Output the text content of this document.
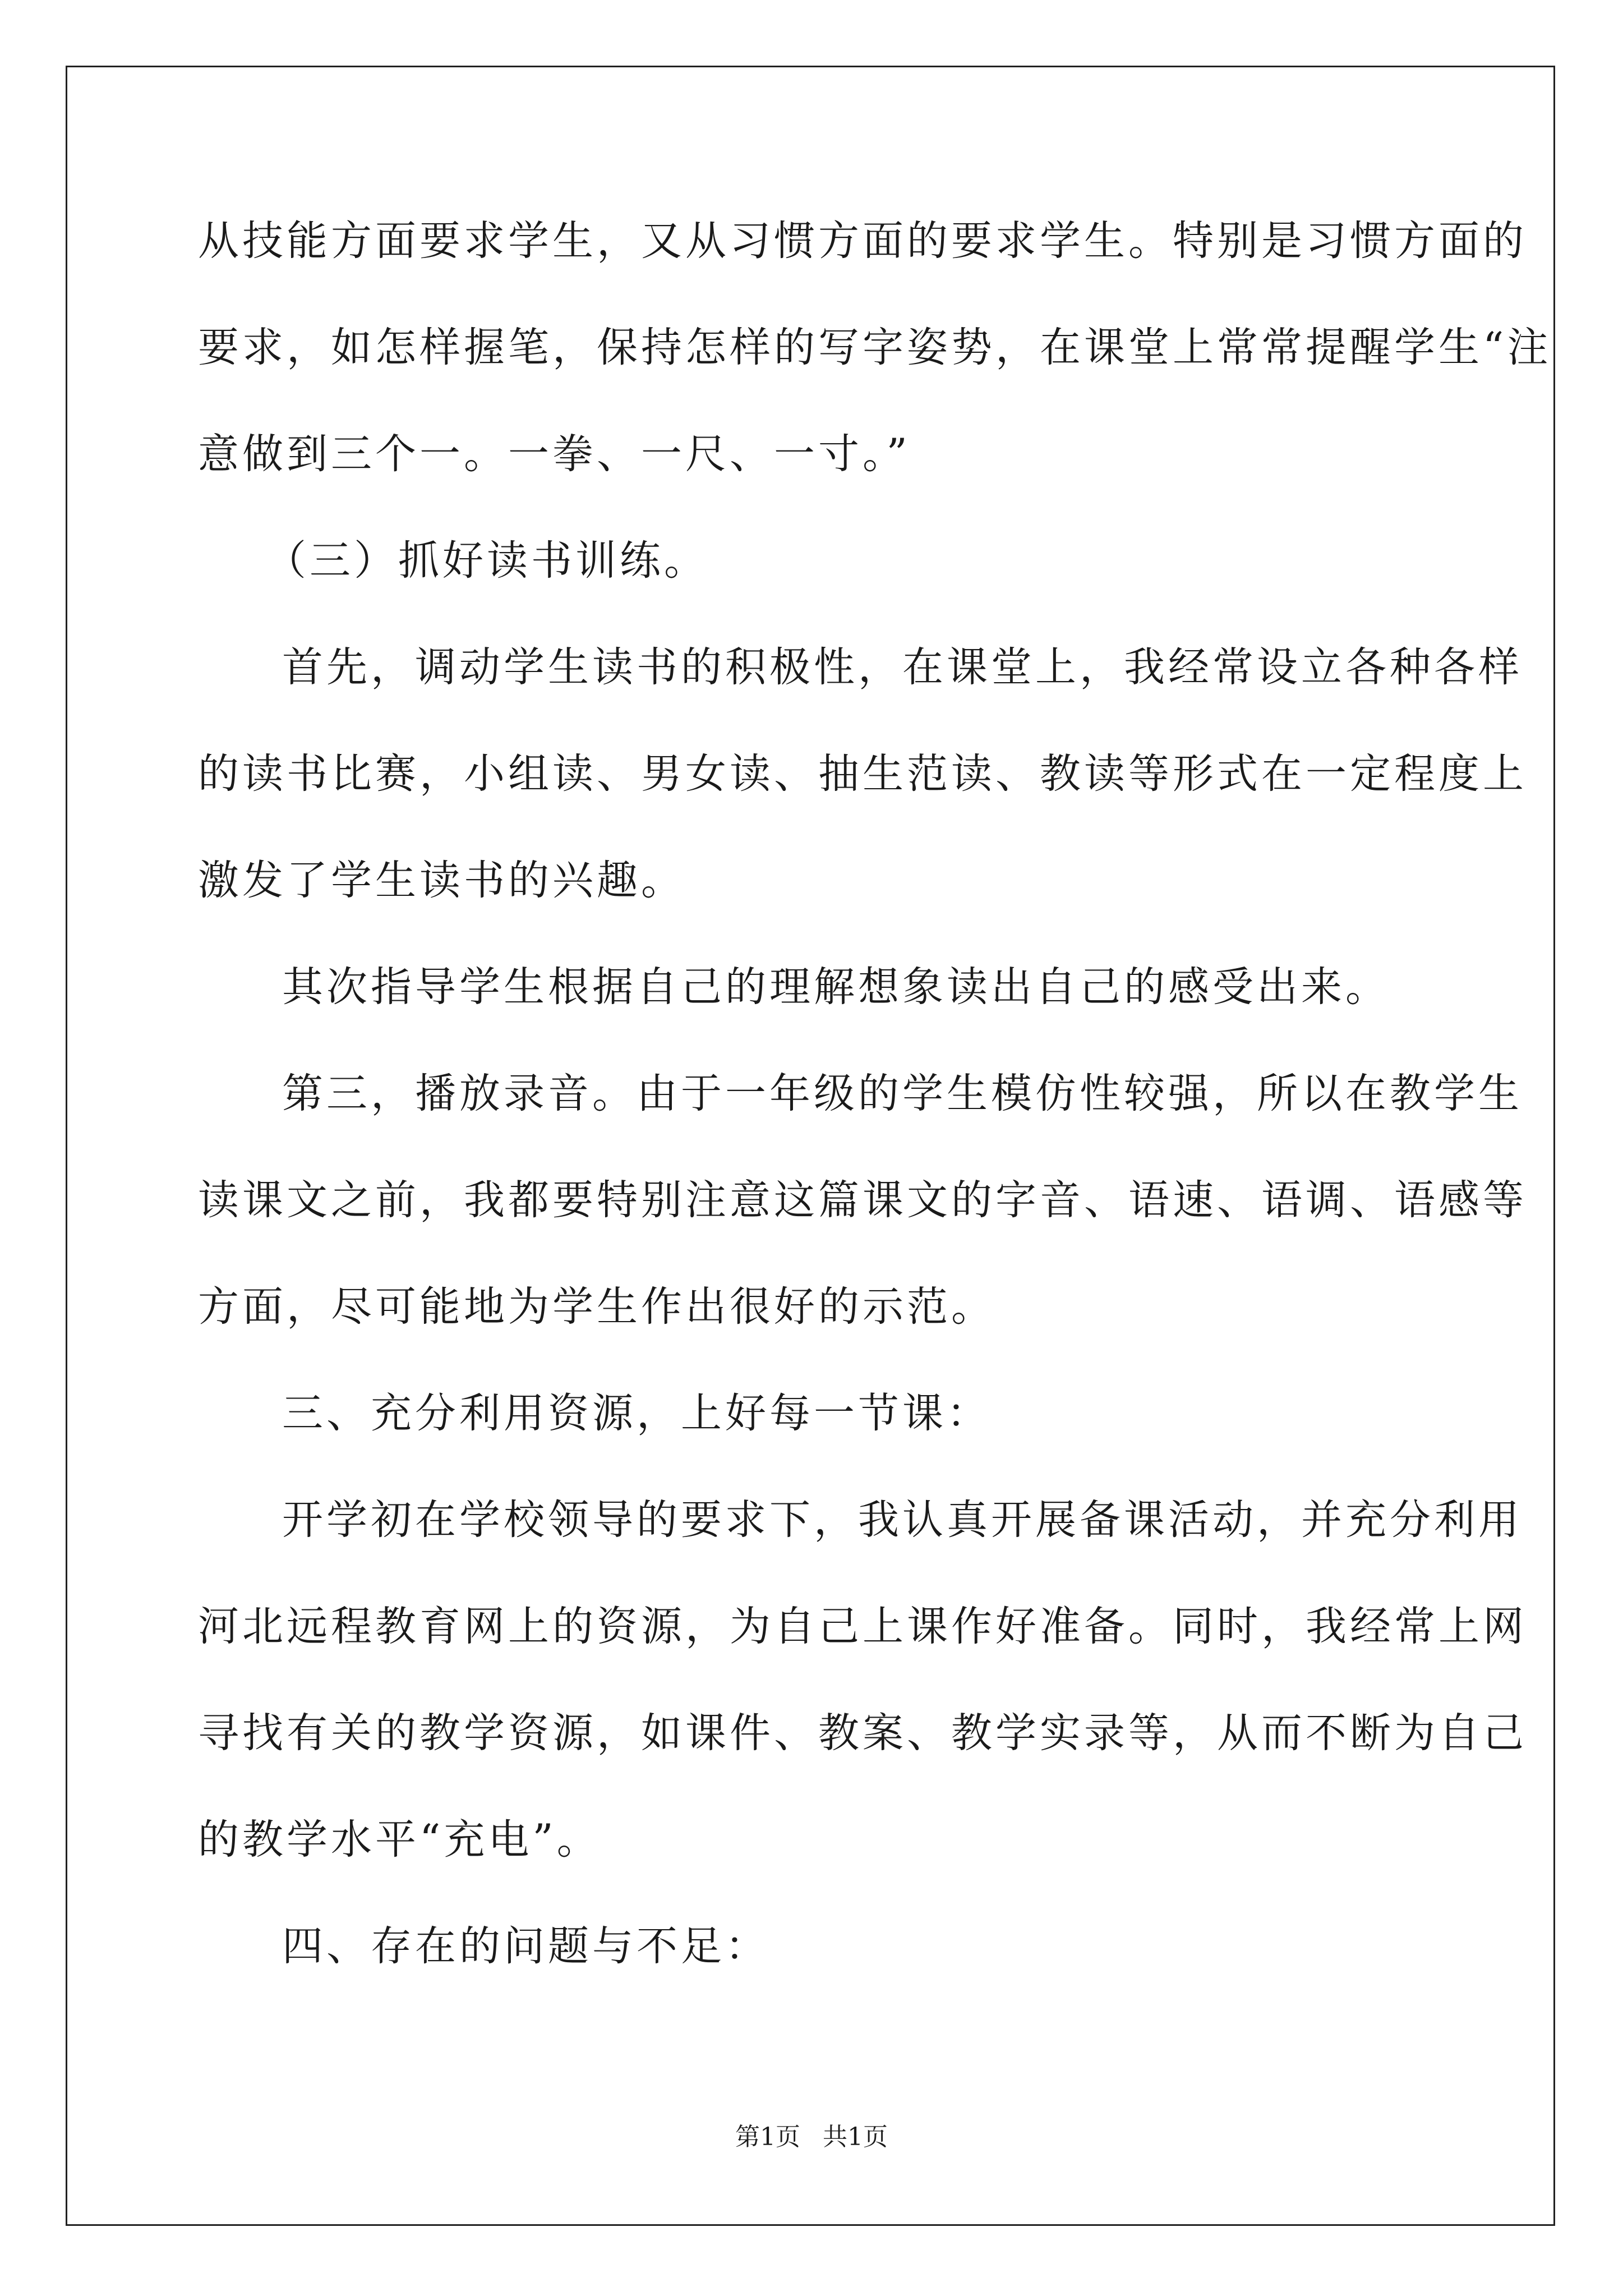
从技能方面要求学生，又从习惯方面的要求学生。特别是习惯方面的

要求，如怎样握笔，保持怎样的写字姿势，在课堂上常常提醒学生“注

意做到三个一。一拳、一尺、一寸。”

（三）抓好读书训练。

首先，调动学生读书的积极性，在课堂上，我经常设立各种各样

的读书比赛，小组读、男女读、抽生范读、教读等形式在一定程度上

激发了学生读书的兴趣。

其次指导学生根据自己的理解想象读出自己的感受出来。

第三，播放录音。由于一年级的学生模仿性较强，所以在教学生

读课文之前，我都要特别注意这篇课文的字音、语速、语调、语感等

方面，尽可能地为学生作出很好的示范。

三、充分利用资源，上好每一节课：

开学初在学校领导的要求下，我认真开展备课活动，并充分利用

河北远程教育网上的资源，为自己上课作好准备。同时，我经常上网

寻找有关的教学资源，如课件、教案、教学实录等，从而不断为自己

的教学水平“充电”。

四、存在的问题与不足：

第1页 共1页
